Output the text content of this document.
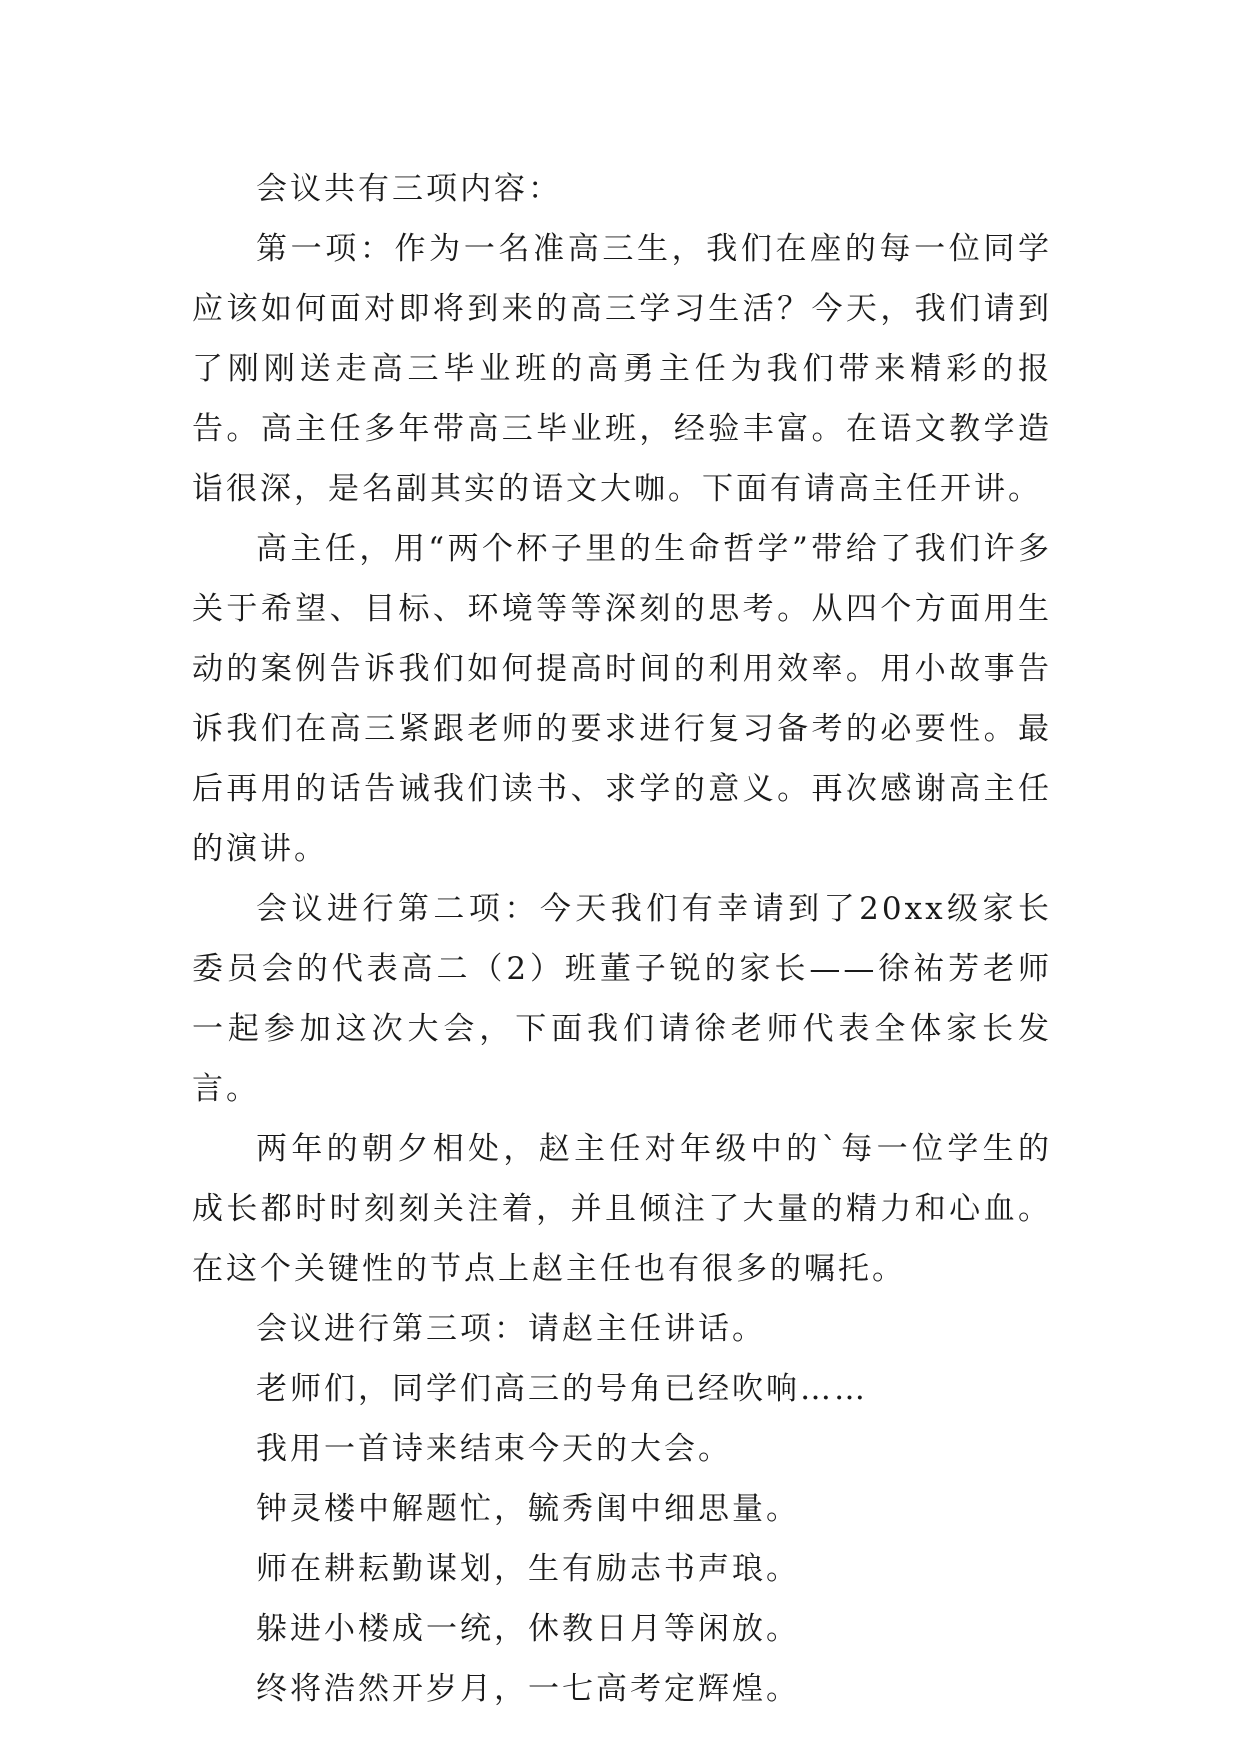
会议共有三项内容：

第一项：作为一名准高三生，我们在座的每一位同学应该如何面对即将到来的高三学习生活？今天，我们请到了刚刚送走高三毕业班的高勇主任为我们带来精彩的报告。高主任多年带高三毕业班，经验丰富。在语文教学造诣很深，是名副其实的语文大咖。下面有请高主任开讲。

高主任，用“两个杯子里的生命哲学”带给了我们许多关于希望、目标、环境等等深刻的思考。从四个方面用生动的案例告诉我们如何提高时间的利用效率。用小故事告诉我们在高三紧跟老师的要求进行复习备考的必要性。最后再用的话告诫我们读书、求学的意义。再次感谢高主任的演讲。

会议进行第二项：今天我们有幸请到了20xx级家长委员会的代表高二（2）班董子锐的家长——徐祐芳老师一起参加这次大会，下面我们请徐老师代表全体家长发言。

两年的朝夕相处，赵主任对年级中的`每一位学生的成长都时时刻刻关注着，并且倾注了大量的精力和心血。在这个关键性的节点上赵主任也有很多的嘱托。

会议进行第三项：请赵主任讲话。

老师们，同学们高三的号角已经吹响……

我用一首诗来结束今天的大会。

钟灵楼中解题忙，毓秀闺中细思量。

师在耕耘勤谋划，生有励志书声琅。

躲进小楼成一统，休教日月等闲放。

终将浩然开岁月，一七高考定辉煌。
